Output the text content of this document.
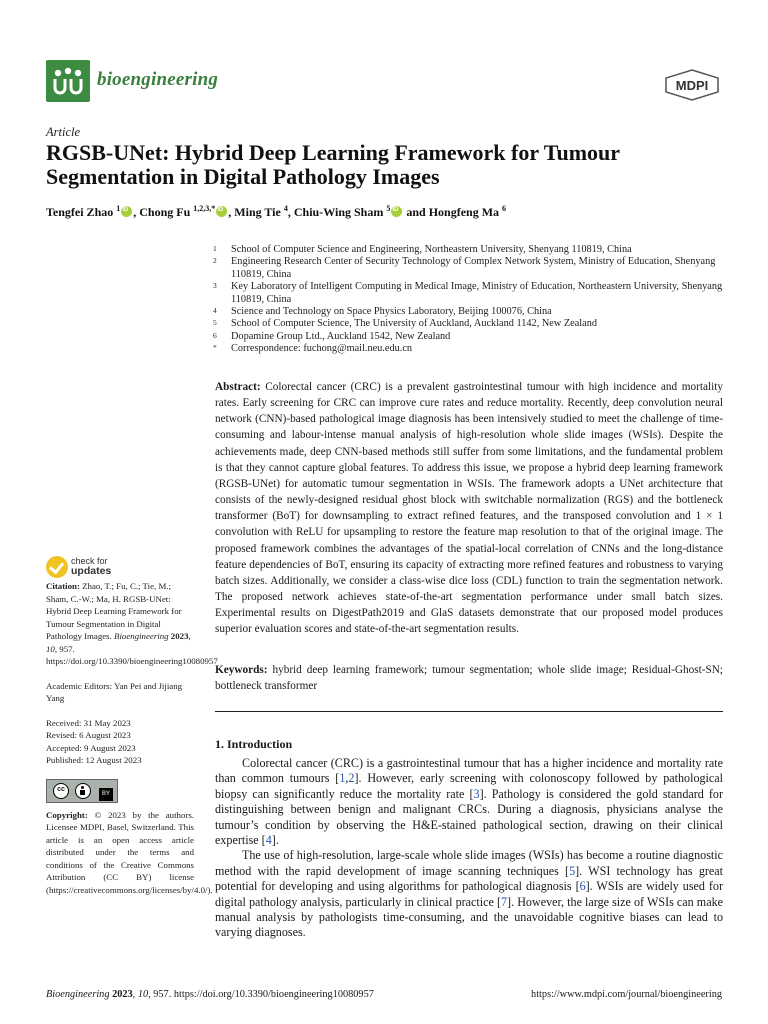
bioengineering	MDPI
Article
RGSB-UNet: Hybrid Deep Learning Framework for Tumour Segmentation in Digital Pathology Images
Tengfei Zhao $^1$ iD , Chong Fu $^{1,2,3,*}$ iD , Ming Tie $^4$, Chiu-Wing Sham $^5$iD and Hongfeng Ma $^6$
1	School of Computer Science and Engineering, Northeastern University, Shenyang 110819, China
2	Engineering Research Center of Security Technology of Complex Network System, Ministry of Education, Shenyang 110819, China
3	Key Laboratory of Intelligent Computing in Medical Image, Ministry of Education, Northeastern University, Shenyang 110819, China
4	Science and Technology on Space Physics Laboratory, Beijing 100076, China
5	School of Computer Science, The University of Auckland, Auckland 1142, New Zealand
6	Dopamine Group Ltd., Auckland 1542, New Zealand
*	Correspondence: fuchong@mail.neu.edu.cn
Abstract: Colorectal cancer (CRC) is a prevalent gastrointestinal tumour with high incidence and mortality rates. Early screening for CRC can improve cure rates and reduce mortality. Recently, deep convolution neural network (CNN)-based pathological image diagnosis has been intensively studied to meet the challenge of time-consuming and labour-intense manual analysis of high-resolution whole slide images (WSIs). Despite the achievements made, deep CNN-based methods still suffer from some limitations, and the fundamental problem is that they cannot capture global features. To address this issue, we propose a hybrid deep learning framework (RGSB-UNet) for automatic tumour segmentation in WSIs. The framework adopts a UNet architecture that consists of the newly-designed residual ghost block with switchable normalization (RGS) and the bottleneck transformer (BoT) for downsampling to extract refined features, and the transposed convolution and 1 × 1 convolution with ReLU for upsampling to restore the feature map resolution to that of the original image. The proposed framework combines the advantages of the spatial-local correlation of CNNs and the long-distance feature dependencies of BoT, ensuring its capacity of extracting more refined features and robustness to varying batch sizes. Additionally, we consider a class-wise dice loss (CDL) function to train the segmentation network. The proposed network achieves state-of-the-art segmentation performance under small batch sizes. Experimental results on DigestPath2019 and GlaS datasets demonstrate that our proposed model produces superior evaluation scores and state-of-the-art segmentation results.
Keywords: hybrid deep learning framework; tumour segmentation; whole slide image; Residual-Ghost-SN; bottleneck transformer
1. Introduction

Colorectal cancer (CRC) is a gastrointestinal tumour that has a higher incidence and mortality rate than common tumours [1,2]. However, early screening with colonoscopy followed by pathological biopsy can significantly reduce the mortality rate [3]. Pathology is considered the gold standard for distinguishing between benign and malignant CRCs. During a diagnosis, physicians analyse the tumour’s condition by observing the H&E-stained pathological section, drawing on their clinical expertise [4].

The use of high-resolution, large-scale whole slide images (WSIs) has become a routine diagnostic method with the rapid development of image scanning techniques [5]. WSI technology has great potential for developing and using algorithms for pathological diagnosis [6]. WSIs are widely used for digital pathology analysis, particularly in clinical practice [7]. However, the large size of WSIs can make manual analysis by pathologists time-consuming, and the unavoidable cognitive biases can lead to varying diagnoses.

check for
updates
Citation: Zhao, T.; Fu, C.; Tie, M.; Sham, C.-W.; Ma, H. RGSB-UNet: Hybrid Deep Learning Framework for Tumour Segmentation in Digital Pathology Images. Bioengineering 2023, 10, 957. https://doi.org/10.3390/bioengineering10080957
Academic Editors: Yan Pei and Jijiang Yang
Received: 31 May 2023
Revised: 6 August 2023
Accepted: 9 August 2023
Published: 12 August 2023
cc
BY
Copyright: © 2023 by the authors. Licensee MDPI, Basel, Switzerland. This article is an open access article distributed under the terms and conditions of the Creative Commons Attribution (CC BY) license (https://creativecommons.org/licenses/by/4.0/).
Bioengineering 2023, 10, 957. https://doi.org/10.3390/bioengineering10080957	https://www.mdpi.com/journal/bioengineering
